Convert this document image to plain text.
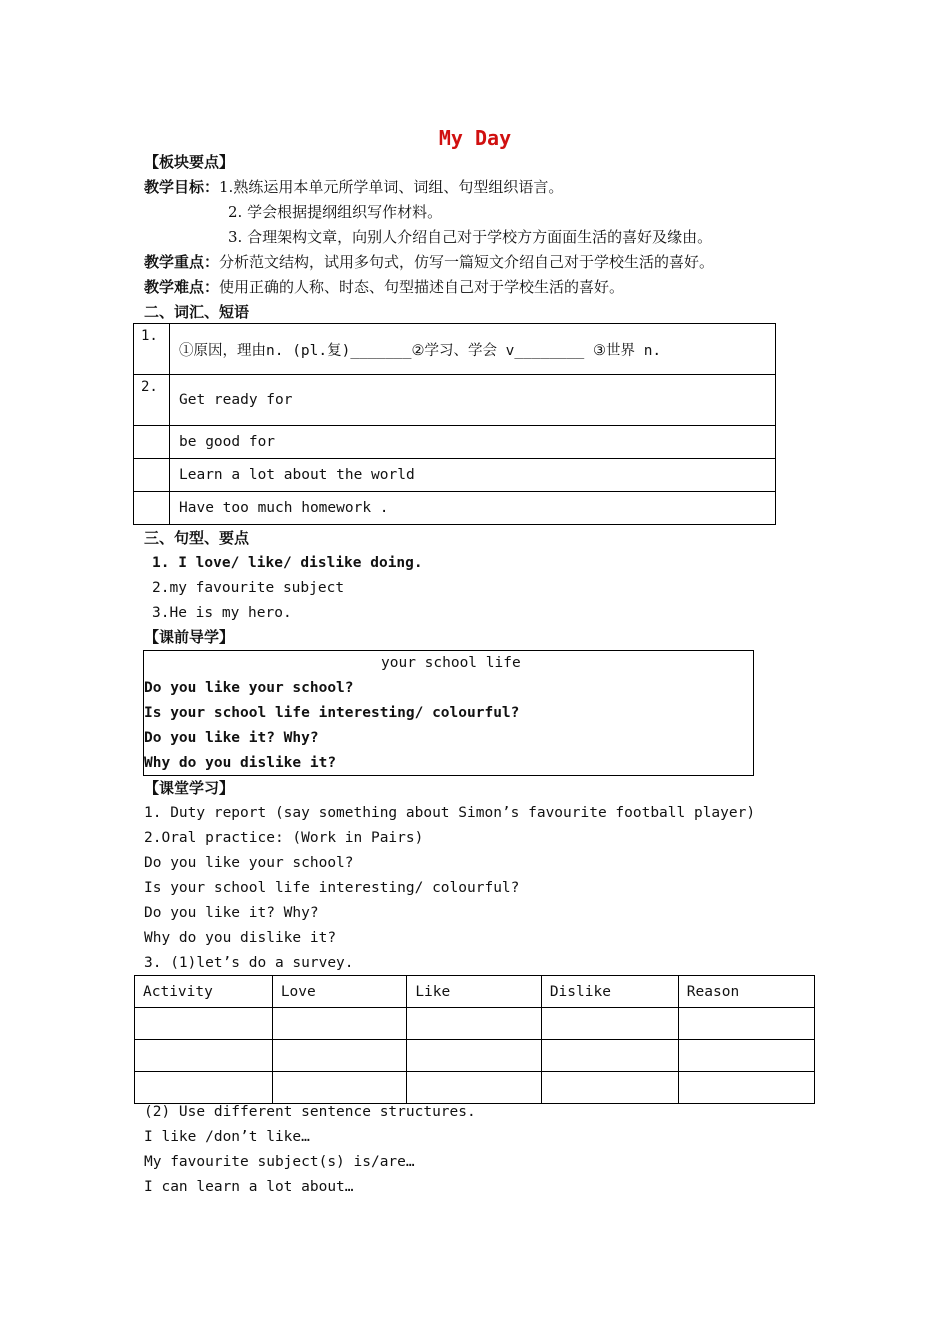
My Day
【板块要点】
教学目标：1.熟练运用本单元所学单词、词组、句型组织语言。
2. 学会根据提纲组织写作材料。
3. 合理架构文章，向别人介绍自己对于学校方方面面生活的喜好及缘由。
教学重点：分析范文结构，试用多句式，仿写一篇短文介绍自己对于学校生活的喜好。
教学难点：使用正确的人称、时态、句型描述自己对于学校生活的喜好。
二、词汇、短语
1.	①原因，理由n. (pl.复)_______②学习、学会 v________ ③世界 n.
2.	Get ready for
	be good for
	Learn a lot about the world
	Have too much homework .
三、句型、要点
1. I love/ like/ dislike doing.
2.my favourite subject
3.He is my hero.
【课前导学】
your school life
Do you like your school?
Is your school life interesting/ colourful?
Do you like it? Why?
Why do you dislike it?
【课堂学习】
1. Duty report (say something about Simon’s favourite football player)
2.Oral practice: (Work in Pairs)
Do you like your school?
Is your school life interesting/ colourful?
Do you like it? Why?
Why do you dislike it?
3. (1)let’s do a survey.
Activity	Love	Like	Dislike	Reason

(2) Use different sentence structures.
I like /don’t like…
My favourite subject(s) is/are…
I can learn a lot about…
